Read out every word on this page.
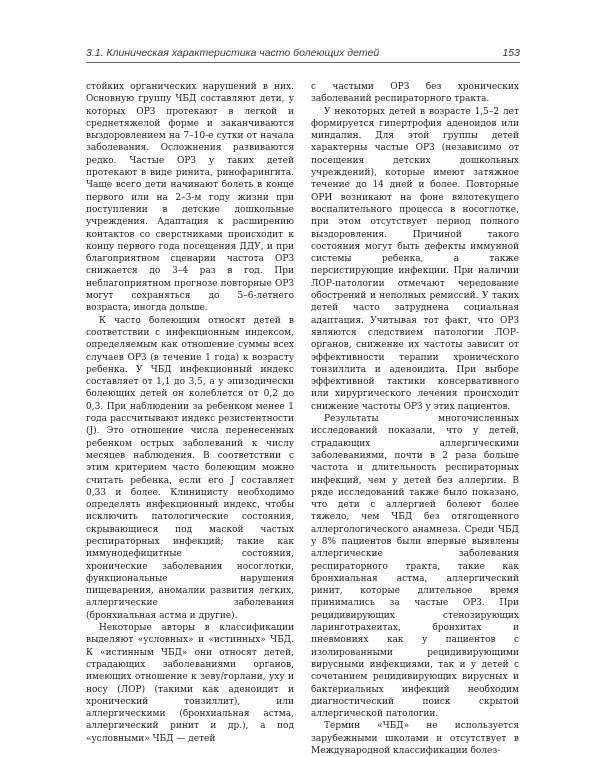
3.1. Клиническая характеристика часто болеющих детей	153

стойких органических нарушений в них. Основную группу ЧБД составляют дети, у которых ОРЗ протекают в легкой и среднетяжелой форме и заканчиваются выздоровлением на 7–10-е сутки от начала заболевания. Осложнения развиваются редко. Частые ОРЗ у таких детей протекают в виде ринита, ринофарингита. Чаще всего дети начинают болеть в конце первого или на 2–3-м году жизни при поступлении в детские дошкольные учреждения. Адаптация к расширению контактов со сверстниками происходит к концу первого года посещения ДДУ, и при благоприятном сценарии частота ОРЗ снижается до 3–4 раз в год. При неблагоприятном прогнозе повторные ОРЗ могут сохраняться до 5–6-летнего возраста, иногда дольше.

К часто болеющим относят детей в соответствии с инфекционным индексом, определяемым как отношение суммы всех случаев ОРЗ (в течение 1 года) к возрасту ребенка. У ЧБД инфекционный индекс составляет от 1,1 до 3,5, а у эпизодически болеющих детей он колеблется от 0,2 до 0,3. При наблюдении за ребенком менее 1 года рассчитывают индекс резистентности (J). Это отношение числа перенесенных ребенком острых заболеваний к числу месяцев наблюдения. В соответствии с этим критерием часто болеющим можно считать ребенка, если его J составляет 0,33 и более. Клиницисту необходимо определять инфекционный индекс, чтобы исключить патологические состояния, скрывающиеся под маской частых респираторных инфекций; такие как иммунодефицитные состояния, хронические заболевания носоглотки, функциональные нарушения пищеварения, аномалии развития легких, аллергические заболевания (бронхиальная астма и другие).

Некоторые авторы в классификации выделяют «условных» и «истинных» ЧБД. К «истинным ЧБД» они относят детей, страдающих заболеваниями органов, имеющих отношение к зеву/горлани, уху и носу (ЛОР) (такими как аденоидит и хронический тонзиллит), или аллергическими (бронхиальная астма, аллергический ринит и др.), а под «условными» ЧБД — детей

с частыми ОРЗ без хронических заболеваний респираторного тракта.

У некоторых детей в возрасте 1,5–2 лет формируется гипертрофия аденоидов или миндалин. Для этой группы детей характерны частые ОРЗ (независимо от посещения детских дошкольных учреждений), которые имеют затяжное течение до 14 дней и более. Повторные ОРИ возникают на фоне вялотекущего воспалительного процесса в носоглотке, при этом отсутствует период полного выздоровления. Причиной такого состояния могут быть дефекты иммунной системы ребенка, а также персистирующие инфекции. При наличии ЛОР-патологии отмечают чередование обострений и неполных ремиссий. У таких детей часто затруднена социальная адаптация. Учитывая тот факт, что ОРЗ являются следствием патологии ЛОР-органов, снижение их частоты зависит от эффективности терапии хронического тонзиллита и аденоидита. При выборе эффективной тактики консервативного или хирургического лечения происходит снижение частоты ОРЗ у этих пациентов.

Результаты многочисленных исследований показали, что у детей, страдающих аллергическими заболеваниями, почти в 2 раза больше частота и длительность респираторных инфекций, чем у детей без аллергии. В ряде исследований также было показано, что дети с аллергией болеют более тяжело, чем ЧБД без отягощенного аллергологического анамнеза. Среди ЧБД у 8% пациентов были впервые выявлены аллергические заболевания респираторного тракта, такие как бронхиальная астма, аллергический ринит, которые длительное время принимались за частые ОРЗ. При рецидивирующих стенозирующих ларинготрахеитах, бронхитах и пневмониях как у пациентов с изолированными рецидивирующими вирусными инфекциями, так и у детей с сочетанием рецидивирующих вирусных и бактериальных инфекций необходим диагностический поиск скрытой аллергической патологии.

Термин «ЧБД» не используется зарубежными школами и отсутствует в Международной классификации болез-
